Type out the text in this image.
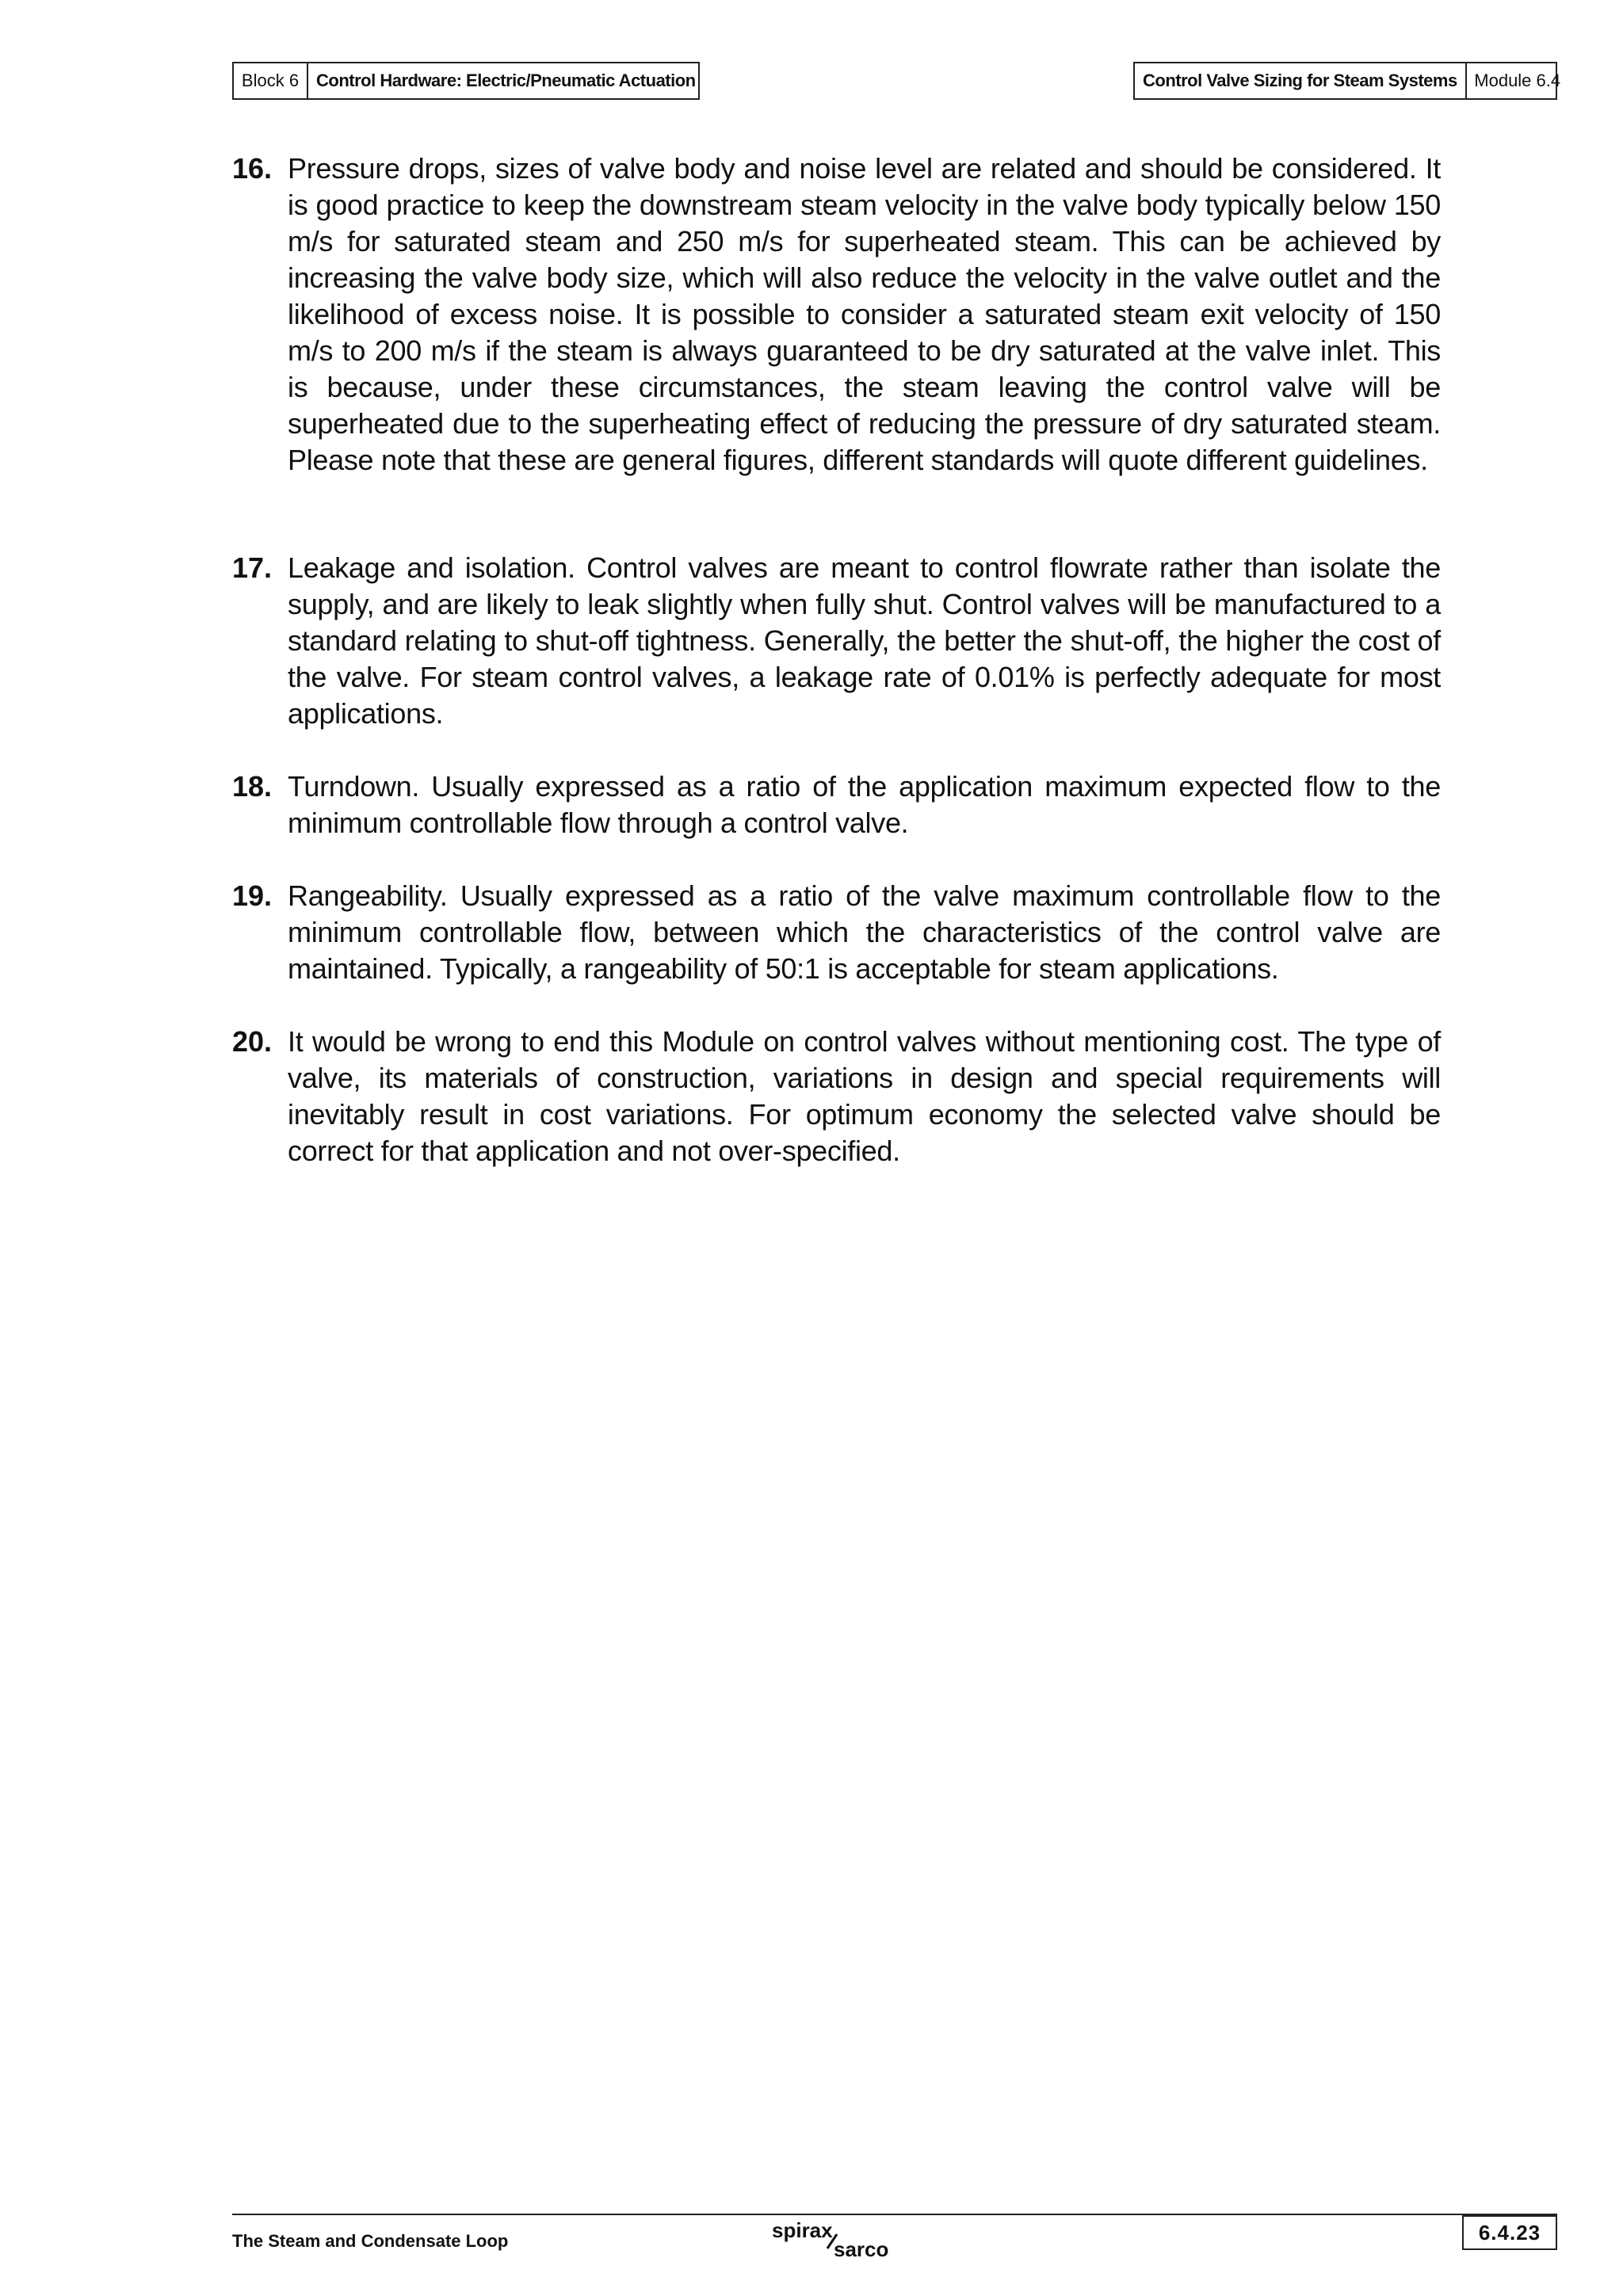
Block 6 Control Hardware: Electric/Pneumatic Actuation	Control Valve Sizing for Steam Systems Module 6.4
16. Pressure drops, sizes of valve body and noise level are related and should be considered. It is good practice to keep the downstream steam velocity in the valve body typically below 150 m/s for saturated steam and 250 m/s for superheated steam. This can be achieved by increasing the valve body size, which will also reduce the velocity in the valve outlet and the likelihood of excess noise. It is possible to consider a saturated steam exit velocity of 150 m/s to 200 m/s if the steam is always guaranteed to be dry saturated at the valve inlet. This is because, under these circumstances, the steam leaving the control valve will be superheated due to the superheating effect of reducing the pressure of dry saturated steam. Please note that these are general figures, different standards will quote different guidelines.
17. Leakage and isolation. Control valves are meant to control flowrate rather than isolate the supply, and are likely to leak slightly when fully shut. Control valves will be manufactured to a standard relating to shut-off tightness. Generally, the better the shut-off, the higher the cost of the valve. For steam control valves, a leakage rate of 0.01% is perfectly adequate for most applications.
18. Turndown. Usually expressed as a ratio of the application maximum expected flow to the minimum controllable flow through a control valve.
19. Rangeability. Usually expressed as a ratio of the valve maximum controllable flow to the minimum controllable flow, between which the characteristics of the control valve are maintained. Typically, a rangeability of 50:1 is acceptable for steam applications.
20. It would be wrong to end this Module on control valves without mentioning cost. The type of valve, its materials of construction, variations in design and special requirements will inevitably result in cost variations. For optimum economy the selected valve should be correct for that application and not over-specified.
The Steam and Condensate Loop	spirax
sarco
6.4.23
